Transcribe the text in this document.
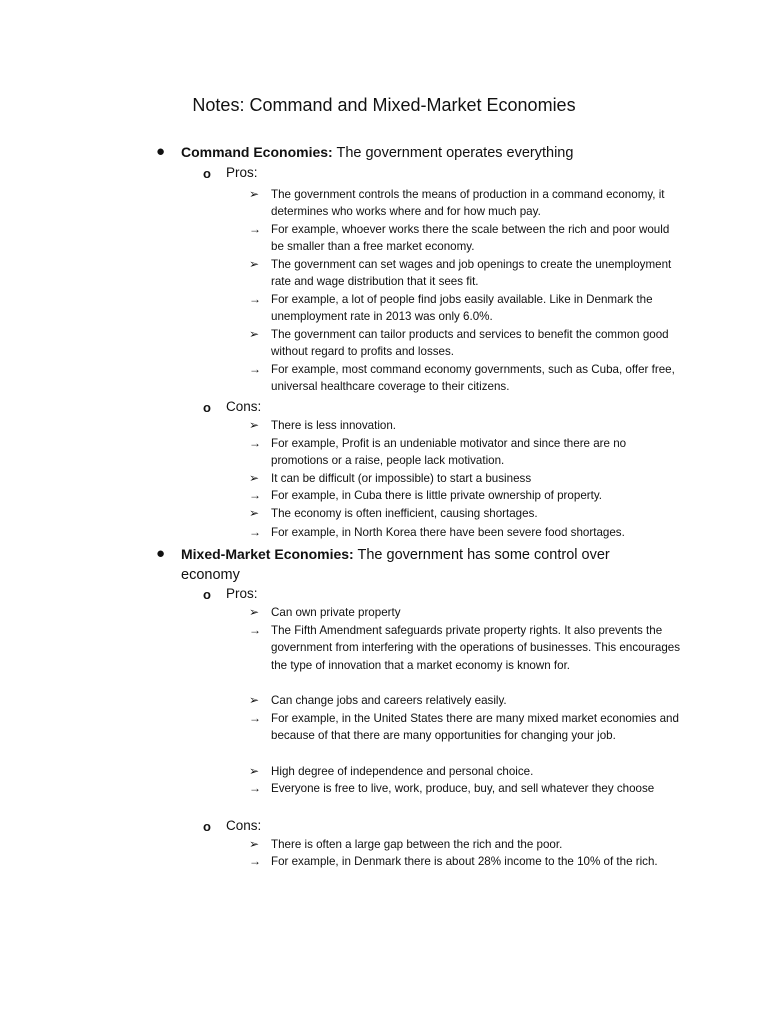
Notes: Command and Mixed-Market Economies
● Command Economies: The government operates everything
o Pros:
➢ The government controls the means of production in a command economy, it determines who works where and for how much pay.
→ For example, whoever works there the scale between the rich and poor would be smaller than a free market economy.
➢ The government can set wages and job openings to create the unemployment rate and wage distribution that it sees fit.
→ For example, a lot of people find jobs easily available. Like in Denmark the unemployment rate in 2013 was only 6.0%.
➢ The government can tailor products and services to benefit the common good without regard to profits and losses.
→ For example, most command economy governments, such as Cuba, offer free, universal healthcare coverage to their citizens.
o Cons:
➢ There is less innovation.
→ For example, Profit is an undeniable motivator and since there are no promotions or a raise, people lack motivation.
➢ It can be difficult (or impossible) to start a business
→ For example, in Cuba there is little private ownership of property.
➢ The economy is often inefficient, causing shortages.
→ For example, in North Korea there have been severe food shortages.
● Mixed-Market Economies: The government has some control over economy
o Pros:
➢ Can own private property
→ The Fifth Amendment safeguards private property rights. It also prevents the government from interfering with the operations of businesses. This encourages the type of innovation that a market economy is known for.
➢ Can change jobs and careers relatively easily.
→ For example, in the United States there are many mixed market economies and because of that there are many opportunities for changing your job.
➢ High degree of independence and personal choice.
→ Everyone is free to live, work, produce, buy, and sell whatever they choose
o Cons:
➢ There is often a large gap between the rich and the poor.
→ For example, in Denmark there is about 28% income to the 10% of the rich.
